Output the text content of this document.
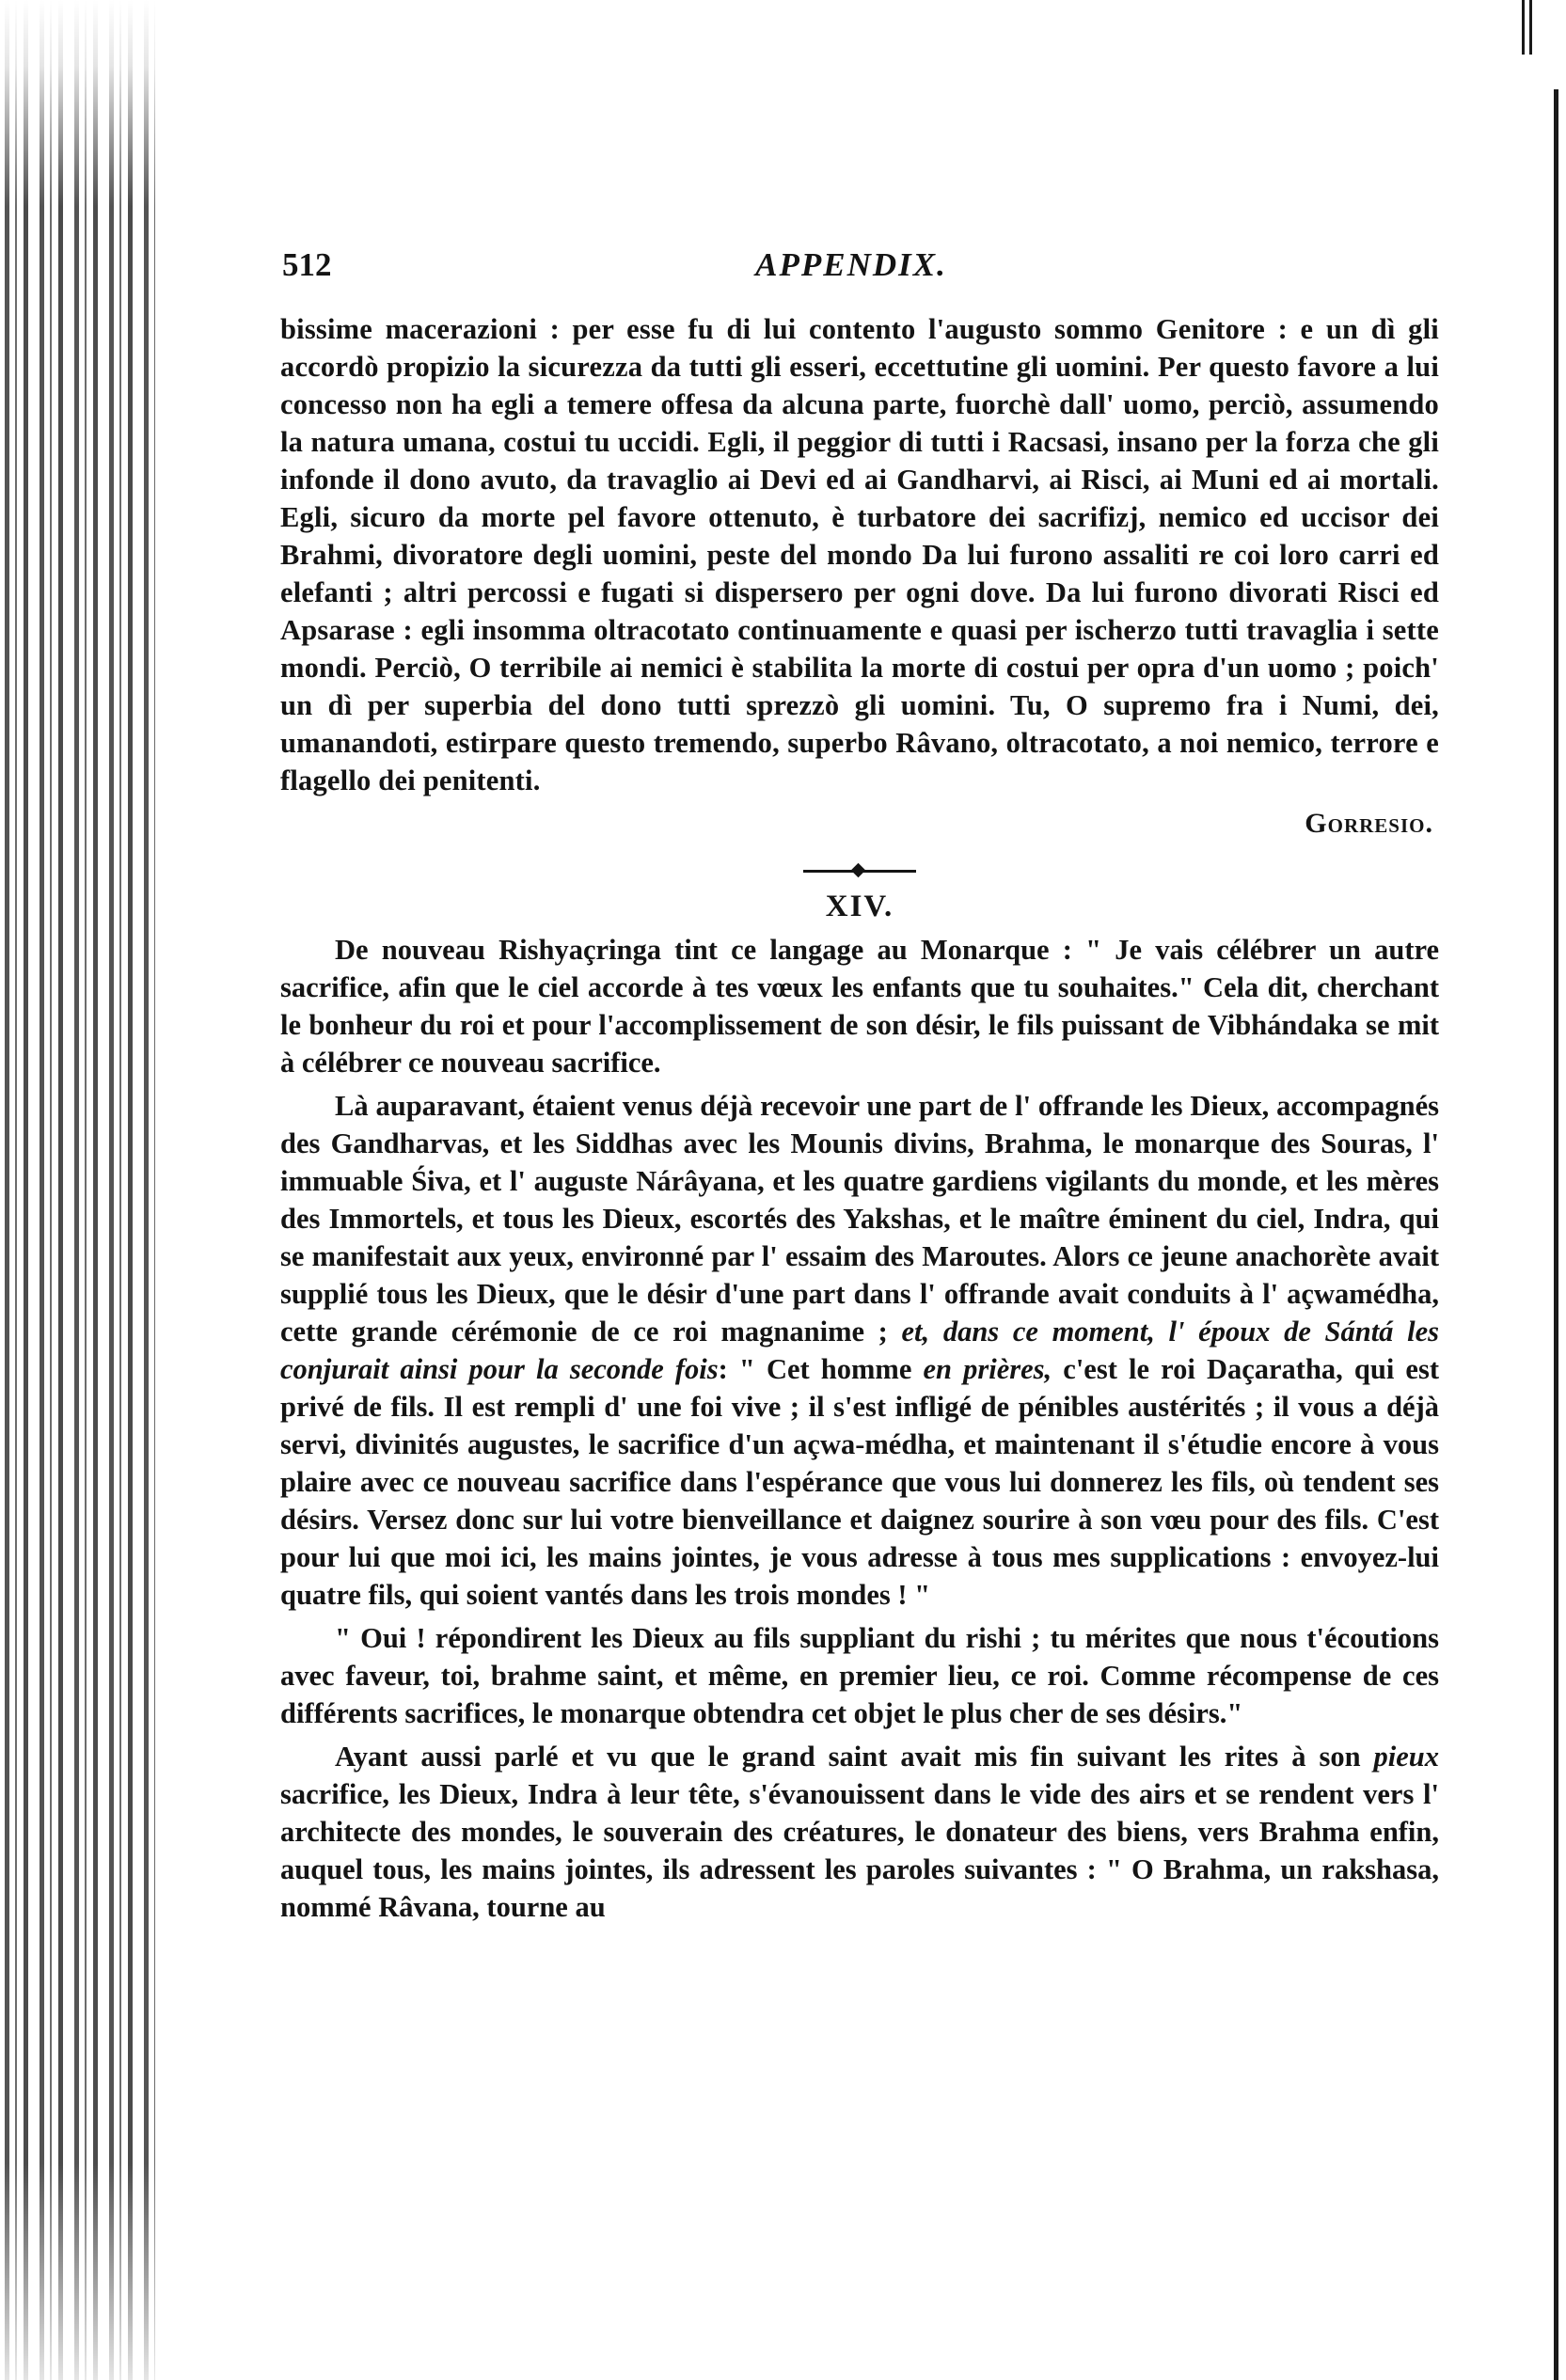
512	APPENDIX.

bissime macerazioni : per esse fu di lui contento l'augusto sommo Genitore : e un dì gli accordò propizio la sicurezza da tutti gli esseri, eccettutine gli uomini. Per questo favore a lui concesso non ha egli a temere offesa da alcuna parte, fuorchè dall' uomo, perciò, assumendo la natura umana, costui tu uccidi. Egli, il peggior di tutti i Racsasi, insano per la forza che gli infonde il dono avuto, da travaglio ai Devi ed ai Gandharvi, ai Risci, ai Muni ed ai mortali. Egli, sicuro da morte pel favore ottenuto, è turbatore dei sacrifizj, nemico ed uccisor dei Brahmi, divoratore degli uomini, peste del mondo Da lui furono assaliti re coi loro carri ed elefanti ; altri percossi e fugati si dispersero per ogni dove. Da lui furono divorati Risci ed Apsarase : egli insomma oltracotato continuamente e quasi per ischerzo tutti travaglia i sette mondi. Perciò, O terribile ai nemici è stabilita la morte di costui per opra d'un uomo ; poich' un dì per superbia del dono tutti sprezzò gli uomini. Tu, O supremo fra i Numi, dei, umanandoti, estirpare questo tremendo, superbo Râvano, oltracotato, a noi nemico, terrore e flagello dei penitenti.

Gorresio.
XIV.

De nouveau Rishyaçringa tint ce langage au Monarque : " Je vais célébrer un autre sacrifice, afin que le ciel accorde à tes vœux les enfants que tu souhaites." Cela dit, cherchant le bonheur du roi et pour l'accomplissement de son désir, le fils puissant de Vibhándaka se mit à célébrer ce nouveau sacrifice.

Là auparavant, étaient venus déjà recevoir une part de l' offrande les Dieux, accompagnés des Gandharvas, et les Siddhas avec les Mounis divins, Brahma, le monarque des Souras, l' immuable Śiva, et l' auguste Nárâyana, et les quatre gardiens vigilants du monde, et les mères des Immortels, et tous les Dieux, escortés des Yakshas, et le maître éminent du ciel, Indra, qui se manifestait aux yeux, environné par l' essaim des Maroutes. Alors ce jeune anachorète avait supplié tous les Dieux, que le désir d'une part dans l' offrande avait conduits à l' açwamédha, cette grande cérémonie de ce roi magnanime ; et, dans ce moment, l' époux de Sántá les conjurait ainsi pour la seconde fois: " Cet homme en prières, c'est le roi Daçaratha, qui est privé de fils. Il est rempli d' une foi vive ; il s'est infligé de pénibles austérités ; il vous a déjà servi, divinités augustes, le sacrifice d'un açwa-médha, et maintenant il s'étudie encore à vous plaire avec ce nouveau sacrifice dans l'espérance que vous lui donnerez les fils, où tendent ses désirs. Versez donc sur lui votre bienveillance et daignez sourire à son vœu pour des fils. C'est pour lui que moi ici, les mains jointes, je vous adresse à tous mes supplications : envoyez-lui quatre fils, qui soient vantés dans les trois mondes ! "

" Oui ! répondirent les Dieux au fils suppliant du rishi ; tu mérites que nous t'écoutions avec faveur, toi, brahme saint, et même, en premier lieu, ce roi. Comme récompense de ces différents sacrifices, le monarque obtendra cet objet le plus cher de ses désirs."

Ayant aussi parlé et vu que le grand saint avait mis fin suivant les rites à son pieux sacrifice, les Dieux, Indra à leur tête, s'évanouissent dans le vide des airs et se rendent vers l' architecte des mondes, le souverain des créatures, le donateur des biens, vers Brahma enfin, auquel tous, les mains jointes, ils adressent les paroles suivantes : " O Brahma, un rakshasa, nommé Râvana, tourne au
